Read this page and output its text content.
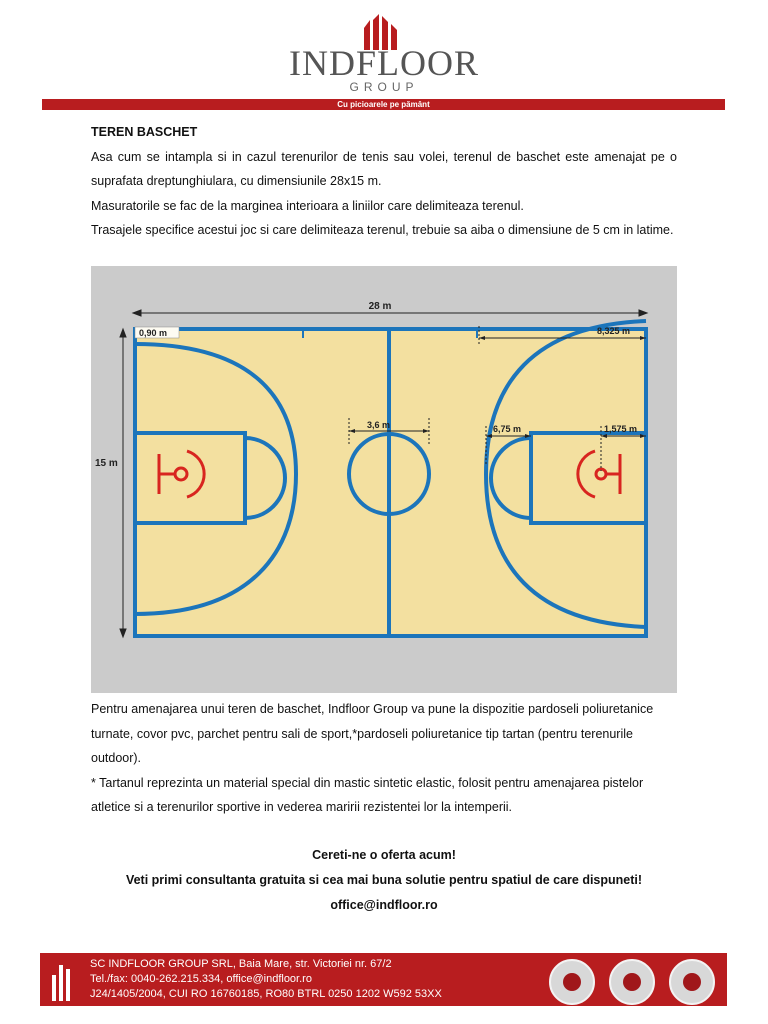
INDFLOOR
GROUP
Cu picioarele pe pământ

TEREN BASCHET

Asa cum se intampla si in cazul terenurilor de tenis sau volei, terenul de baschet este amenajat pe o suprafata dreptunghiulara, cu dimensiunile 28x15 m.

Masuratorile se fac de la marginea interioara a liniilor care delimiteaza terenul.

Trasajele specifice acestui joc si care delimiteaza terenul, trebuie sa aiba o dimensiune de 5 cm in latime.

28 m
15 m
0,90 m
3,6 m	6,75 m	1,575 m
8,325 m

Pentru amenajarea unui teren de baschet, Indfloor Group va pune la dispozitie pardoseli poliuretanice turnate, covor pvc, parchet pentru sali de sport,*pardoseli poliuretanice tip tartan (pentru terenurile outdoor).

* Tartanul reprezinta un material special din mastic sintetic elastic, folosit pentru amenajarea pistelor atletice si a terenurilor sportive in vederea maririi rezistentei lor la intemperii.

Cereti-ne o oferta acum!

Veti primi consultanta gratuita si cea mai buna solutie pentru spatiul de care dispuneti!

office@indfloor.ro

SC INDFLOOR GROUP SRL, Baia Mare, str. Victoriei nr. 67/2
Tel./fax: 0040-262.215.334, office@indfloor.ro
J24/1405/2004, CUI RO 16760185, RO80 BTRL 0250 1202 W592 53XX
